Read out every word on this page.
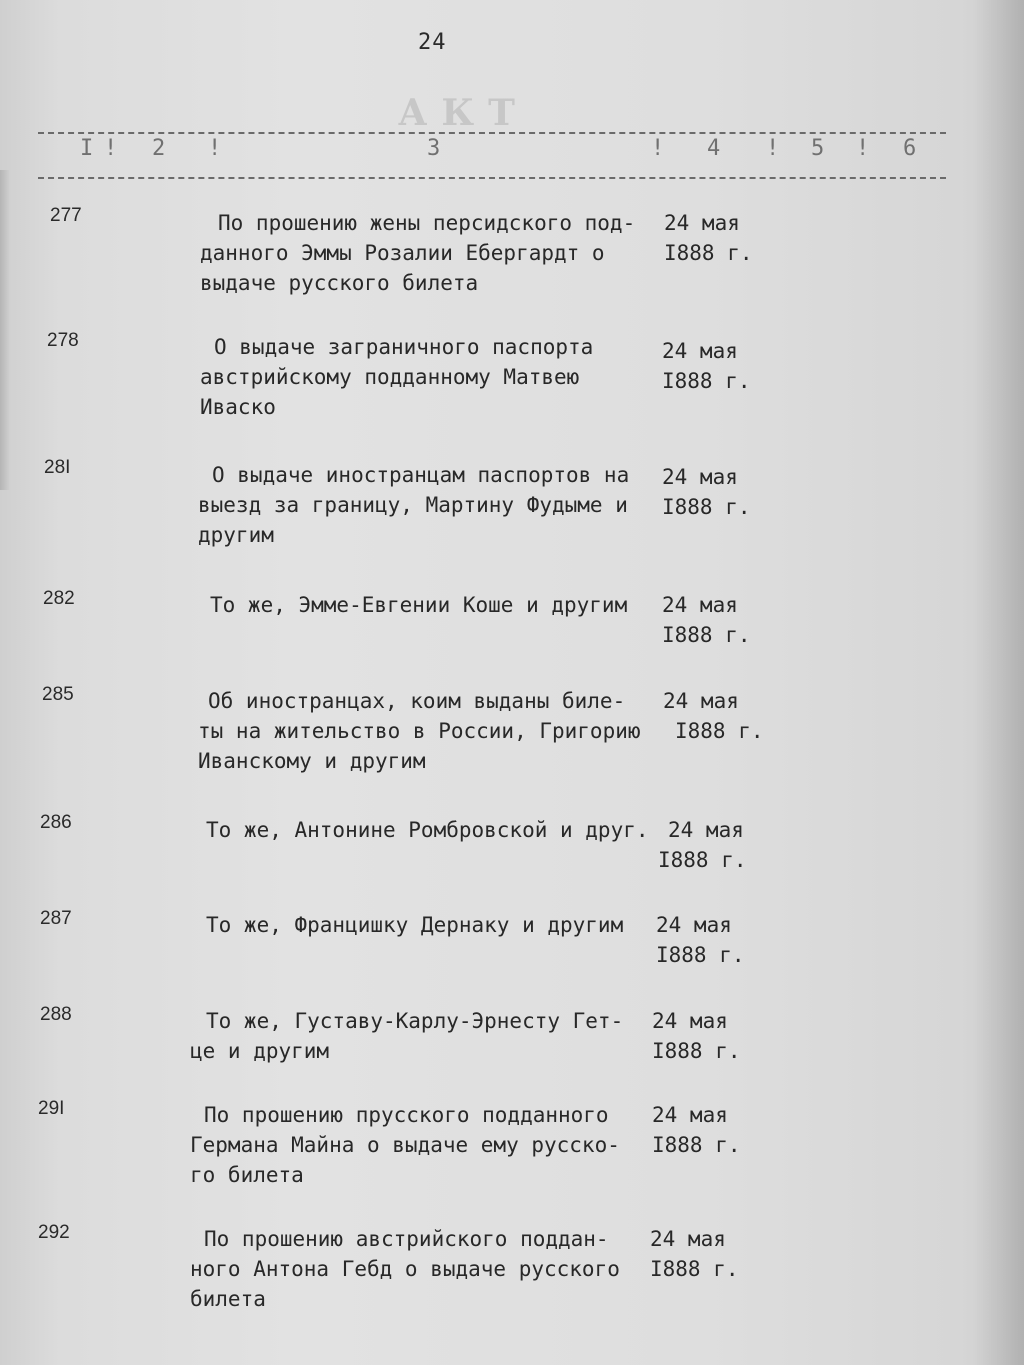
АКТ
24
I ! 2 !	3	! 4 ! 5 ! 6
277	По прошению жены персидского под-
данного Эммы Розалии Ебергардт о
выдаче русского билета
24 мая
I888 г.
278	О выдаче заграничного паспорта
австрийскому подданному Матвею
Иваско
24 мая
I888 г.
28I	О выдаче иностранцам паспортов на
выезд за границу, Мартину Фудыме и
другим
24 мая
I888 г.
282	То же, Эмме-Евгении Коше и другим	24 мая
I888 г.
285	Об иностранцах, коим выданы биле-
ты на жительство в России, Григорию
Иванскому и другим
24 мая
I888 г.
286	То же, Антонине Ромбровской и друг. 24 мая
I888 г.
287	То же, Францишку Дернаку и другим	24 мая
I888 г.
288	То же, Густаву-Карлу-Эрнесту Гет-
це и другим
24 мая
I888 г.
29I	По прошению прусского подданного
Германа Майна о выдаче ему русско-
го билета
24 мая
I888 г.
292	По прошению австрийского поддан-
ного Антона Гебд о выдаче русского
билета
24 мая
I888 г.
